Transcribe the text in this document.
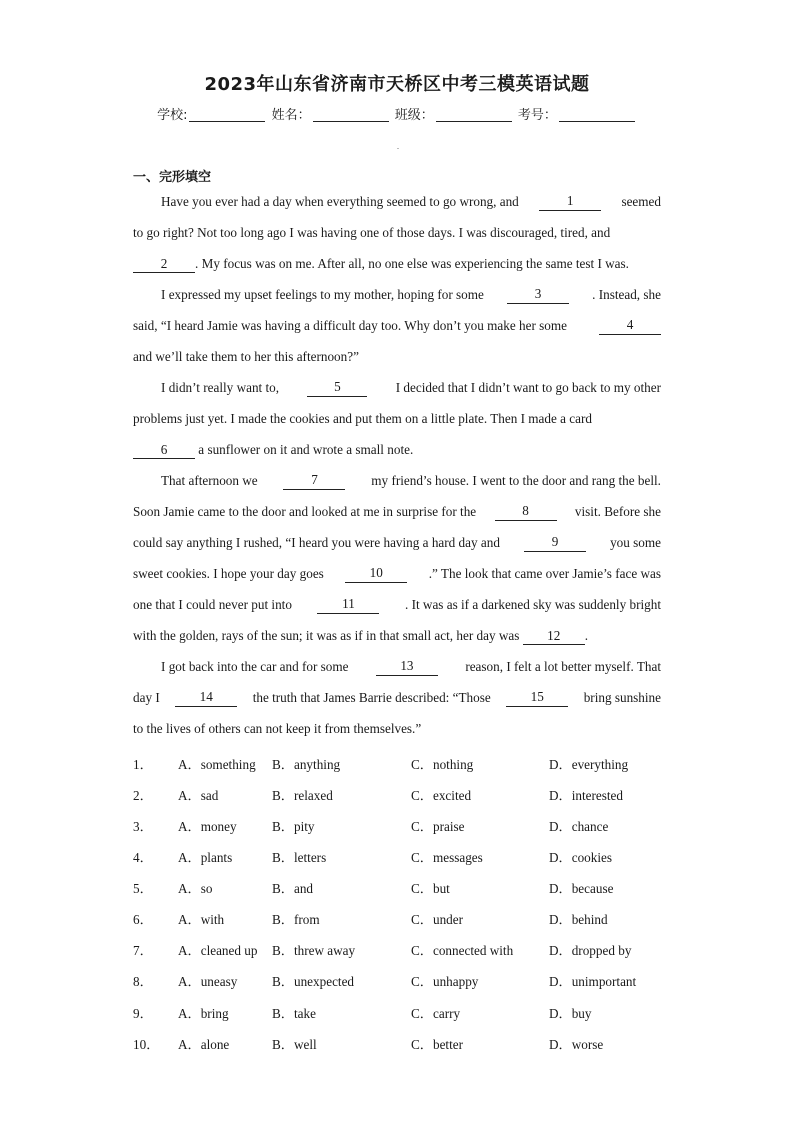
2023年山东省济南市天桥区中考三模英语试题
学校:	姓名：	班级：	考号：
一、完形填空
Have you ever had a day when everything seemed to go wrong, and	1	seemed
to go right? Not too long ago I was having one of those days. I was discouraged, tired, and
2 . My focus was on me. After all, no one else was experiencing the same test I was.
I expressed my upset feelings to my mother, hoping for some	3	. Instead, she
said, “I heard Jamie was having a difficult day too. Why don’t you make her some	4
and we’ll take them to her this afternoon?”
I didn’t really want to,	5	I decided that I didn’t want to go back to my other
problems just yet. I made the cookies and put them on a little plate. Then I made a card
6 a sunflower on it and wrote a small note.
That afternoon we	7	my friend’s house. I went to the door and rang the bell.
Soon Jamie came to the door and looked at me in surprise for the	8	visit. Before she
could say anything I rushed, “I heard you were having a hard day and	9	you some
sweet cookies. I hope your day goes	10	.” The look that came over Jamie’s face was
one that I could never put into	11	. It was as if a darkened sky was suddenly bright
with the golden, rays of the sun; it was as if in that small act, her day was 12 .
I got back into the car and for some	13	reason, I felt a lot better myself. That
day I	14	the truth that James Barrie described: “Those	15	bring sunshine
to the lives of others can not keep it from themselves.”
1． A．something B．anything	C．nothing	D．everything
2． A．sad	B．relaxed	C．excited	D．interested
3． A．money	B．pity	C．praise	D．chance
4． A．plants	B．letters	C．messages	D．cookies
5． A．so	B．and	C．but	D．because
6． A．with	B．from	C．under	D．behind
7． A．cleaned up B．threw away	C．connected with	D．dropped by
8． A．uneasy	B．unexpected	C．unhappy	D．unimportant
9． A．bring	B．take	C．carry	D．buy
10． A．alone	B．well	C．better	D．worse
